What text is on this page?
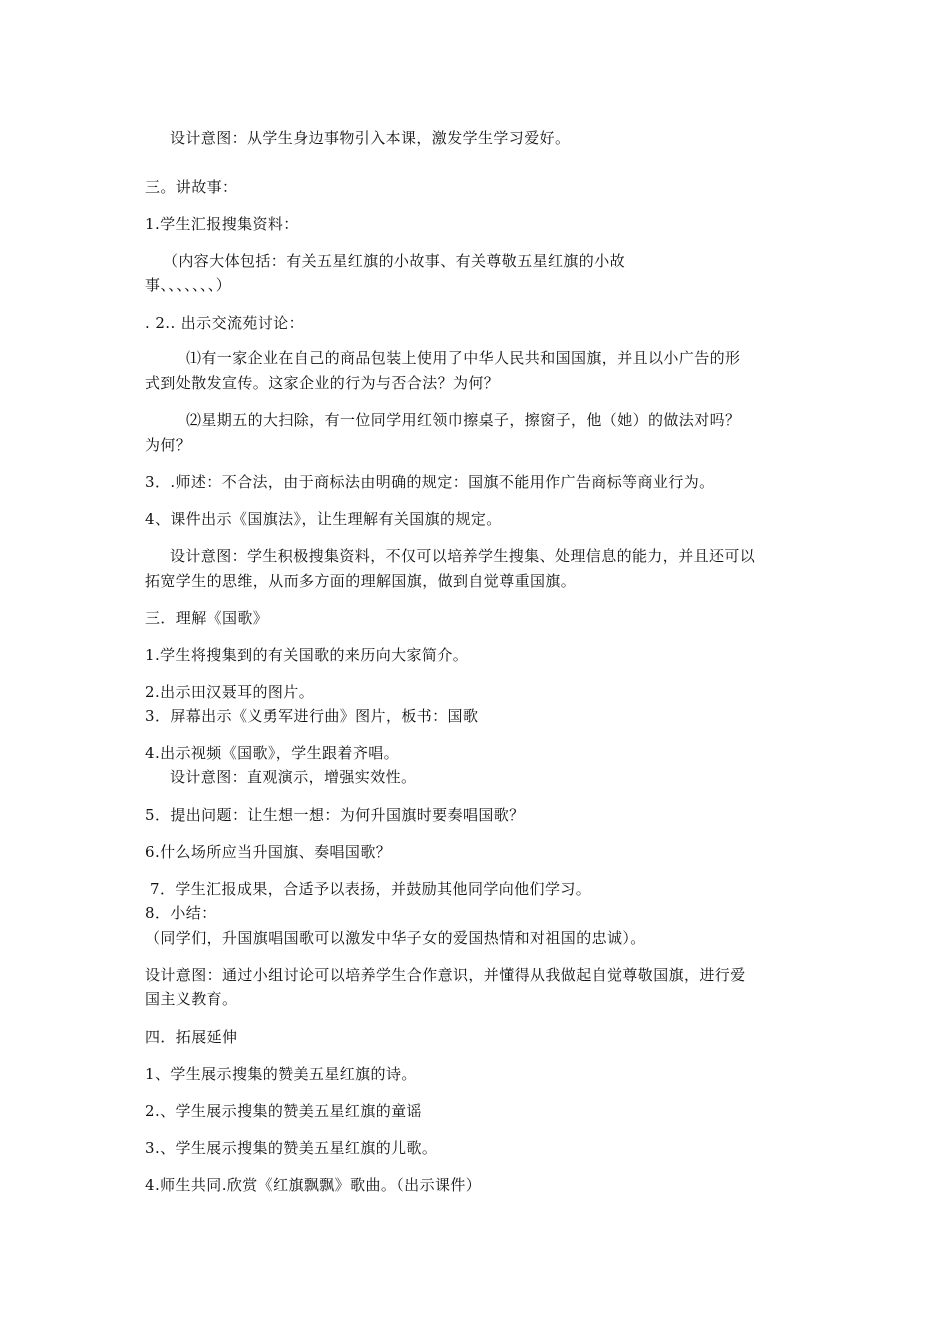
设计意图：从学生身边事物引入本课，激发学生学习爱好。
三。讲故事：
1.学生汇报搜集资料：
（内容大体包括：有关五星红旗的小故事、有关尊敬五星红旗的小故
事、、、、、、、）
. 2.. 出示交流苑讨论：
⑴有一家企业在自己的商品包装上使用了中华人民共和国国旗，并且以小广告的形
式到处散发宣传。这家企业的行为与否合法？为何？
⑵星期五的大扫除，有一位同学用红领巾擦桌子，擦窗子，他（她）的做法对吗？
为何？
3．.师述：不合法，由于商标法由明确的规定：国旗不能用作广告商标等商业行为。
4、课件出示《国旗法》，让生理解有关国旗的规定。
设计意图：学生积极搜集资料，不仅可以培养学生搜集、处理信息的能力，并且还可以
拓宽学生的思维，从而多方面的理解国旗，做到自觉尊重国旗。
三．理解《国歌》
1.学生将搜集到的有关国歌的来历向大家简介。
2.出示田汉聂耳的图片。
3．屏幕出示《义勇军进行曲》图片，板书：国歌
4.出示视频《国歌》，学生跟着齐唱。
设计意图：直观演示，增强实效性。
5．提出问题：让生想一想：为何升国旗时要奏唱国歌？
6.什么场所应当升国旗、奏唱国歌？
7．学生汇报成果，合适予以表扬，并鼓励其他同学向他们学习。
8．小结：
（同学们，升国旗唱国歌可以激发中华子女的爱国热情和对祖国的忠诚）。
设计意图：通过小组讨论可以培养学生合作意识，并懂得从我做起自觉尊敬国旗，进行爱
国主义教育。
四．拓展延伸
1、学生展示搜集的赞美五星红旗的诗。
2.、学生展示搜集的赞美五星红旗的童谣
3.、学生展示搜集的赞美五星红旗的儿歌。
4.师生共同.欣赏《红旗飘飘》歌曲。（出示课件）
